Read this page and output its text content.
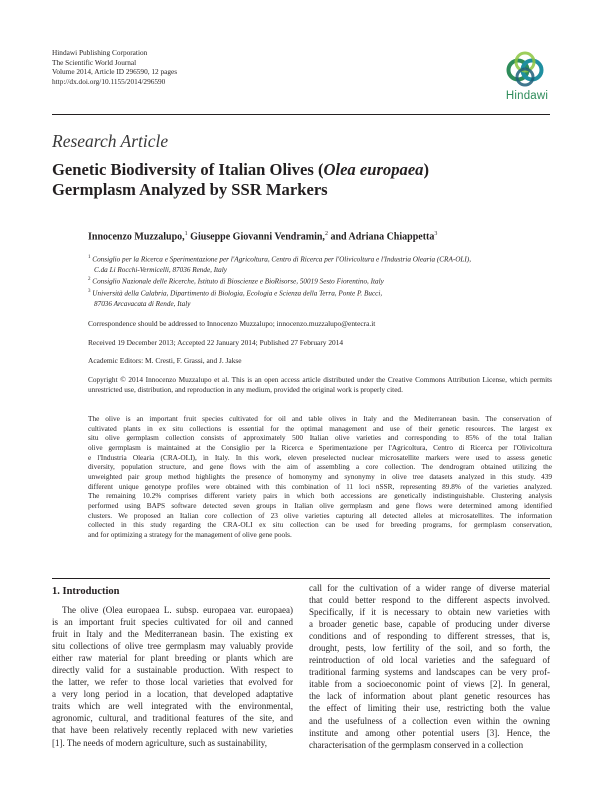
Hindawi Publishing Corporation
The Scientific World Journal
Volume 2014, Article ID 296590, 12 pages
http://dx.doi.org/10.1155/2014/296590
Hindawi
Research Article
Genetic Biodiversity of Italian Olives (Olea europaea)
Germplasm Analyzed by SSR Markers
Innocenzo Muzzalupo,$^1$ Giuseppe Giovanni Vendramin,$^2$ and Adriana Chiappetta$^3$
$^1$ Consiglio per la Ricerca e Sperimentazione per l'Agricoltura, Centro di Ricerca per l'Olivicoltura e l'Industria Olearia (CRA-OLI),
C.da Li Rocchi-Vermicelli, 87036 Rende, Italy
$^2$ Consiglio Nazionale delle Ricerche, Istituto di Bioscienze e BioRisorse, 50019 Sesto Fiorentino, Italy
$^3$ Università della Calabria, Dipartimento di Biologia, Ecologia e Scienza della Terra, Ponte P. Bucci,
87036 Arcavacata di Rende, Italy
Correspondence should be addressed to Innocenzo Muzzalupo; innocenzo.muzzalupo@entecra.it
Received 19 December 2013; Accepted 22 January 2014; Published 27 February 2014
Academic Editors: M. Cresti, F. Grassi, and J. Jakse
Copyright © 2014 Innocenzo Muzzalupo et al. This is an open access article distributed under the Creative Commons Attribution License, which permits unrestricted use, distribution, and reproduction in any medium, provided the original work is properly cited.
The olive is an important fruit species cultivated for oil and table olives in Italy and the Mediterranean basin. The conservation of
cultivated plants in ex situ collections is essential for the optimal management and use of their genetic resources. The largest ex
situ olive germplasm collection consists of approximately 500 Italian olive varieties and corresponding to 85% of the total Italian
olive germplasm is maintained at the Consiglio per la Ricerca e Sperimentazione per l'Agricoltura, Centro di Ricerca per l'Olivicoltura
e l'Industria Olearia (CRA-OLI), in Italy. In this work, eleven preselected nuclear microsatellite markers were used to assess genetic
diversity, population structure, and gene flows with the aim of assembling a core collection. The dendrogram obtained utilizing the
unweighted pair group method highlights the presence of homonymy and synonymy in olive tree datasets analyzed in this study. 439
different unique genotype profiles were obtained with this combination of 11 loci nSSR, representing 89.8% of the varieties analyzed.
The remaining 10.2% comprises different variety pairs in which both accessions are genetically indistinguishable. Clustering analysis
performed using BAPS software detected seven groups in Italian olive germplasm and gene flows were determined among identified
clusters. We proposed an Italian core collection of 23 olive varieties capturing all detected alleles at microsatellites. The information
collected in this study regarding the CRA-OLI ex situ collection can be used for breeding programs, for germplasm conservation,
and for optimizing a strategy for the management of olive gene pools.
1. Introduction
The olive (Olea europaea L. subsp. europaea var. europaea)
is an important fruit species cultivated for oil and canned
fruit in Italy and the Mediterranean basin. The existing ex
situ collections of olive tree germplasm may valuably provide
either raw material for plant breeding or plants which are
directly valid for a sustainable production. With respect to
the latter, we refer to those local varieties that evolved for
a very long period in a location, that developed adaptative
traits which are well integrated with the environmental,
agronomic, cultural, and traditional features of the site, and
that have been relatively recently replaced with new varieties
[1]. The needs of modern agriculture, such as sustainability,
call for the cultivation of a wider range of diverse material
that could better respond to the different aspects involved.
Specifically, if it is necessary to obtain new varieties with
a broader genetic base, capable of producing under diverse
conditions and of responding to different stresses, that is,
drought, pests, low fertility of the soil, and so forth, the
reintroduction of old local varieties and the safeguard of
traditional farming systems and landscapes can be very prof-
itable from a socioeconomic point of views [2]. In general,
the lack of information about plant genetic resources has
the effect of limiting their use, restricting both the value
and the usefulness of a collection even within the owning
institute and among other potential users [3]. Hence, the
characterisation of the germplasm conserved in a collection
